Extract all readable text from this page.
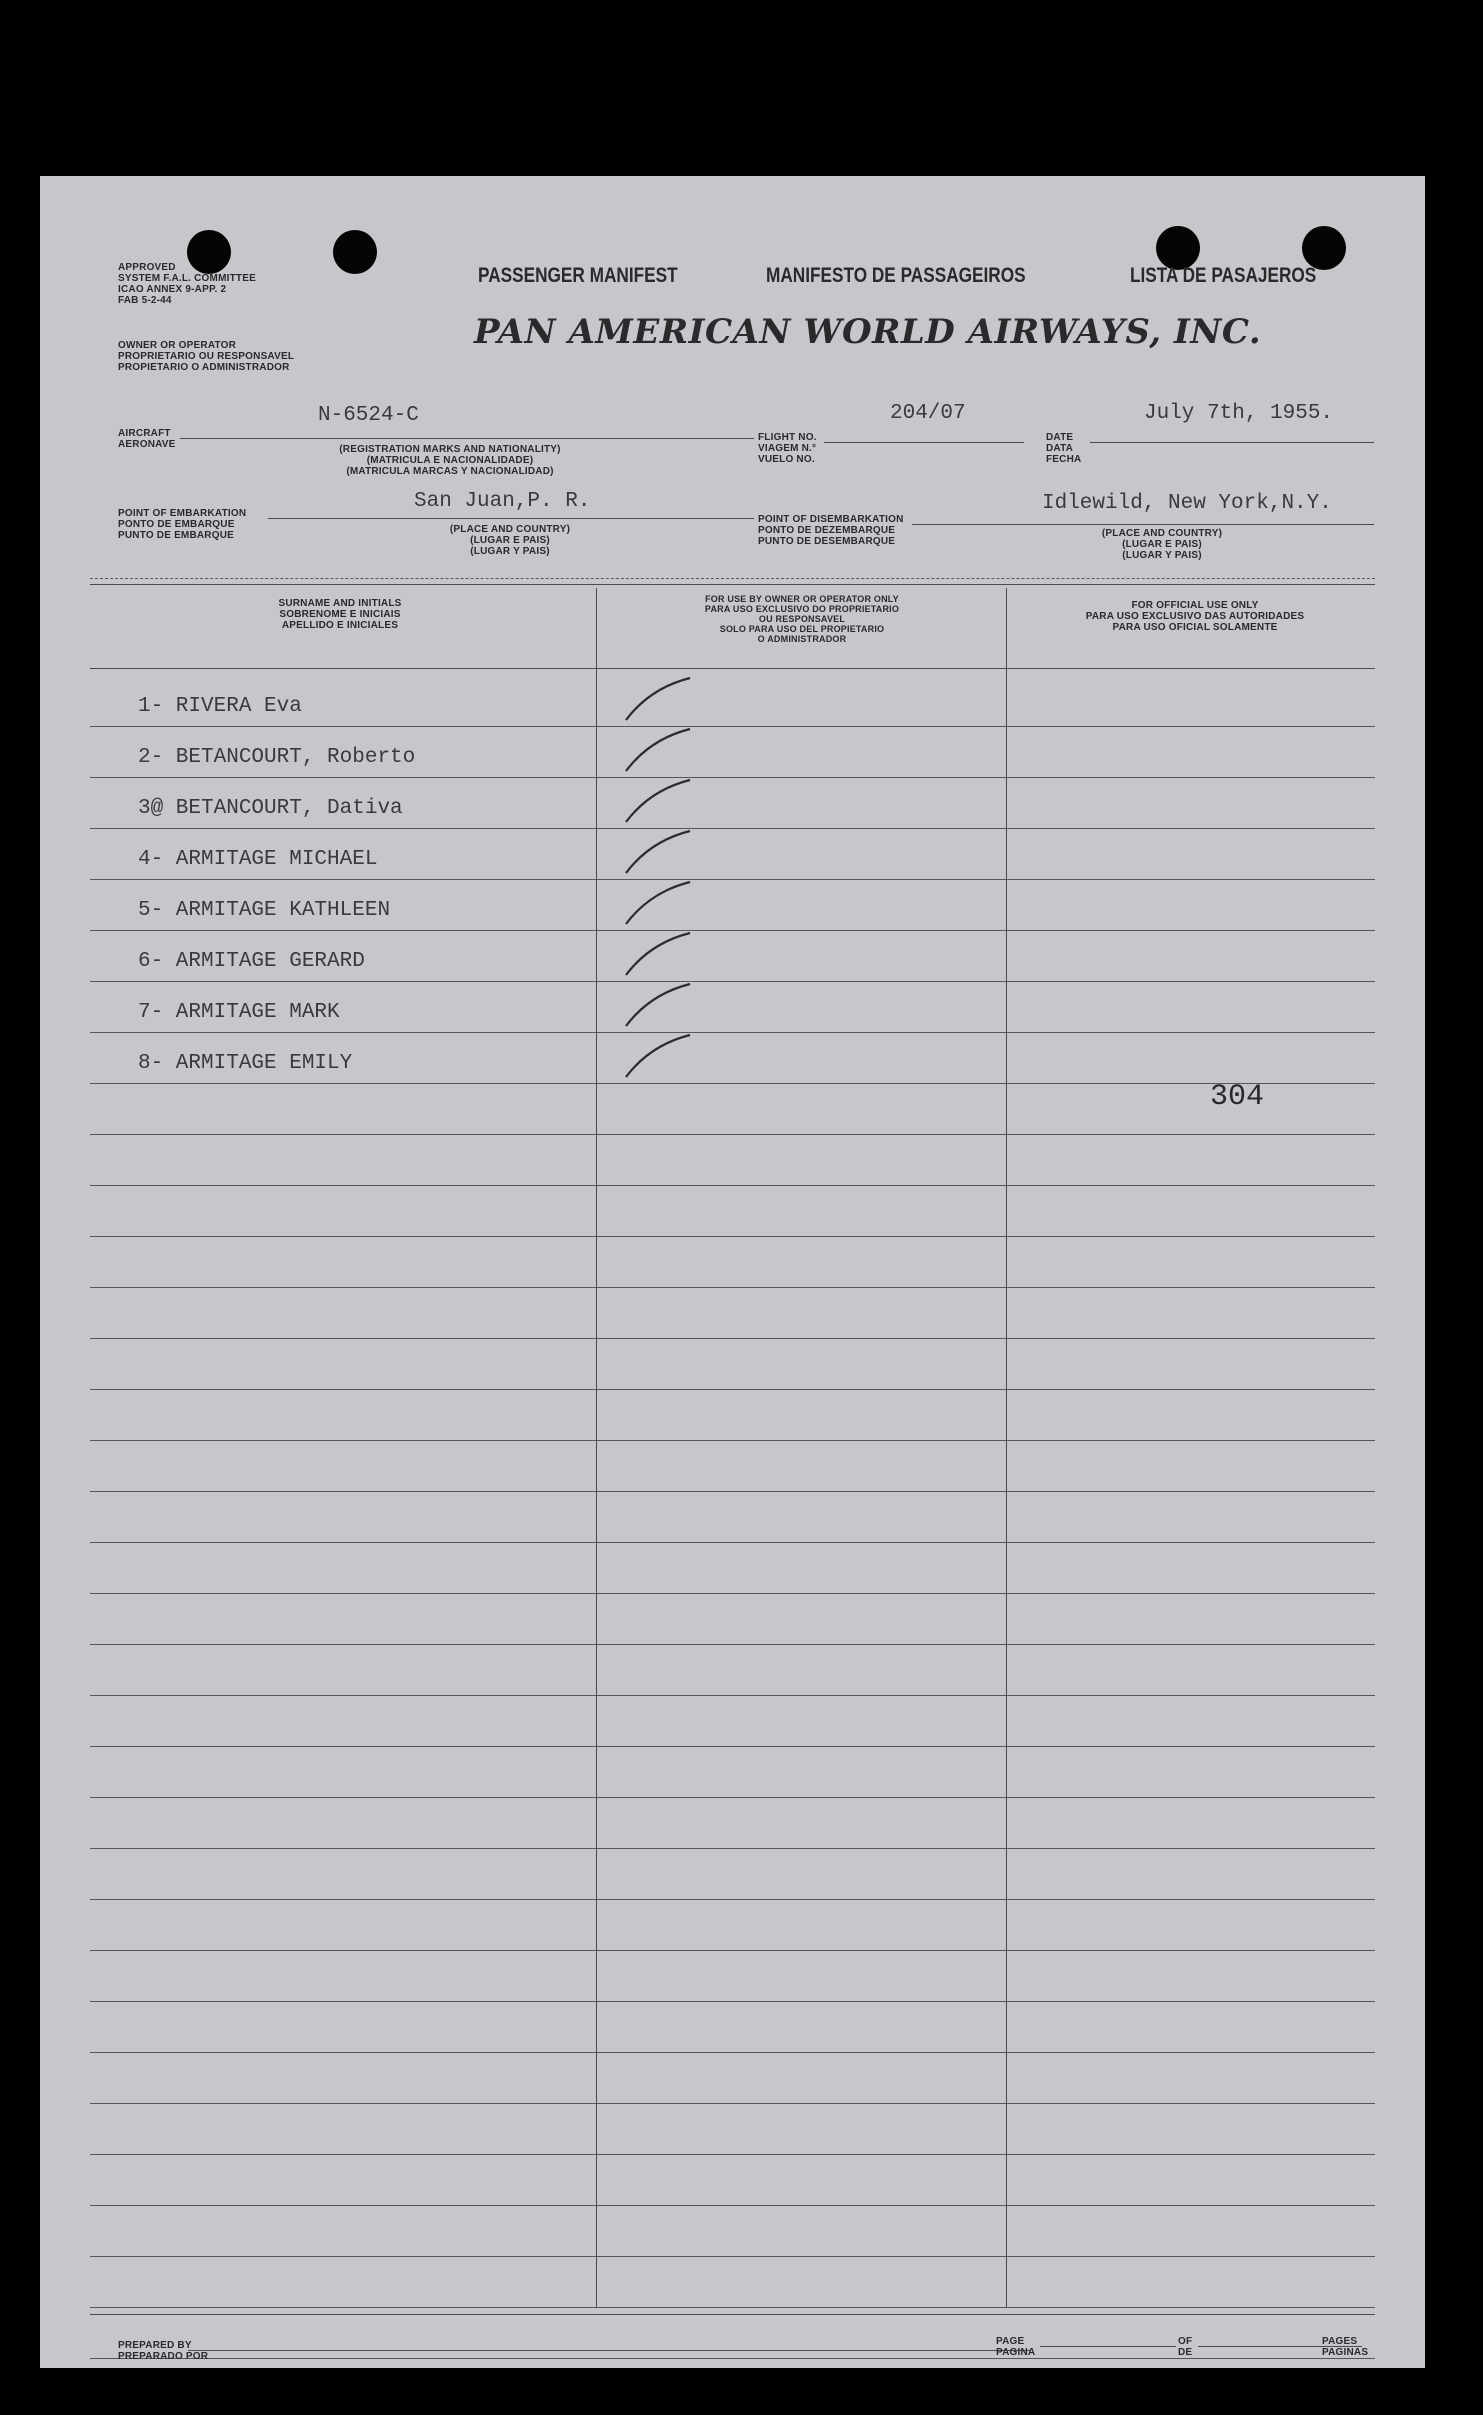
APPROVED
SYSTEM F.A.L. COMMITTEE
ICAO ANNEX 9-APP. 2
FAB 5-2-44
OWNER OR OPERATOR
PROPRIETARIO OU RESPONSAVEL
PROPIETARIO O ADMINISTRADOR
PASSENGER MANIFEST	MANIFESTO DE PASSAGEIROS	LISTA DE PASAJEROS
PAN AMERICAN WORLD AIRWAYS, INC.
AIRCRAFT
AERONAVE
N-6524-C
(REGISTRATION MARKS AND NATIONALITY)
(MATRICULA E NACIONALIDADE)
(MATRICULA MARCAS Y NACIONALIDAD)
FLIGHT NO.
VIAGEM N.°
VUELO NO.
204/07
DATE
DATA
FECHA
July 7th, 1955.
POINT OF EMBARKATION
PONTO DE EMBARQUE
PUNTO DE EMBARQUE
San Juan,P. R.
(PLACE AND COUNTRY)
(LUGAR E PAIS)
(LUGAR Y PAIS)
POINT OF DISEMBARKATION
PONTO DE DEZEMBARQUE
PUNTO DE DESEMBARQUE
Idlewild, New York,N.Y.
(PLACE AND COUNTRY)
(LUGAR E PAIS)
(LUGAR Y PAIS)
SURNAME AND INITIALS
SOBRENOME E INICIAIS
APELLIDO E INICIALES
FOR USE BY OWNER OR OPERATOR ONLY
PARA USO EXCLUSIVO DO PROPRIETARIO
OU RESPONSAVEL
SOLO PARA USO DEL PROPIETARIO
O ADMINISTRADOR
FOR OFFICIAL USE ONLY
PARA USO EXCLUSIVO DAS AUTORIDADES
PARA USO OFICIAL SOLAMENTE
1- RIVERA Eva
2- BETANCOURT, Roberto
3@ BETANCOURT, Dativa
4- ARMITAGE MICHAEL
5- ARMITAGE KATHLEEN
6- ARMITAGE GERARD
7- ARMITAGE MARK
8- ARMITAGE EMILY
304
PREPARED BY
PREPARADO POR
PAGE
PAGINA
OF
DE
PAGES
PAGINAS
